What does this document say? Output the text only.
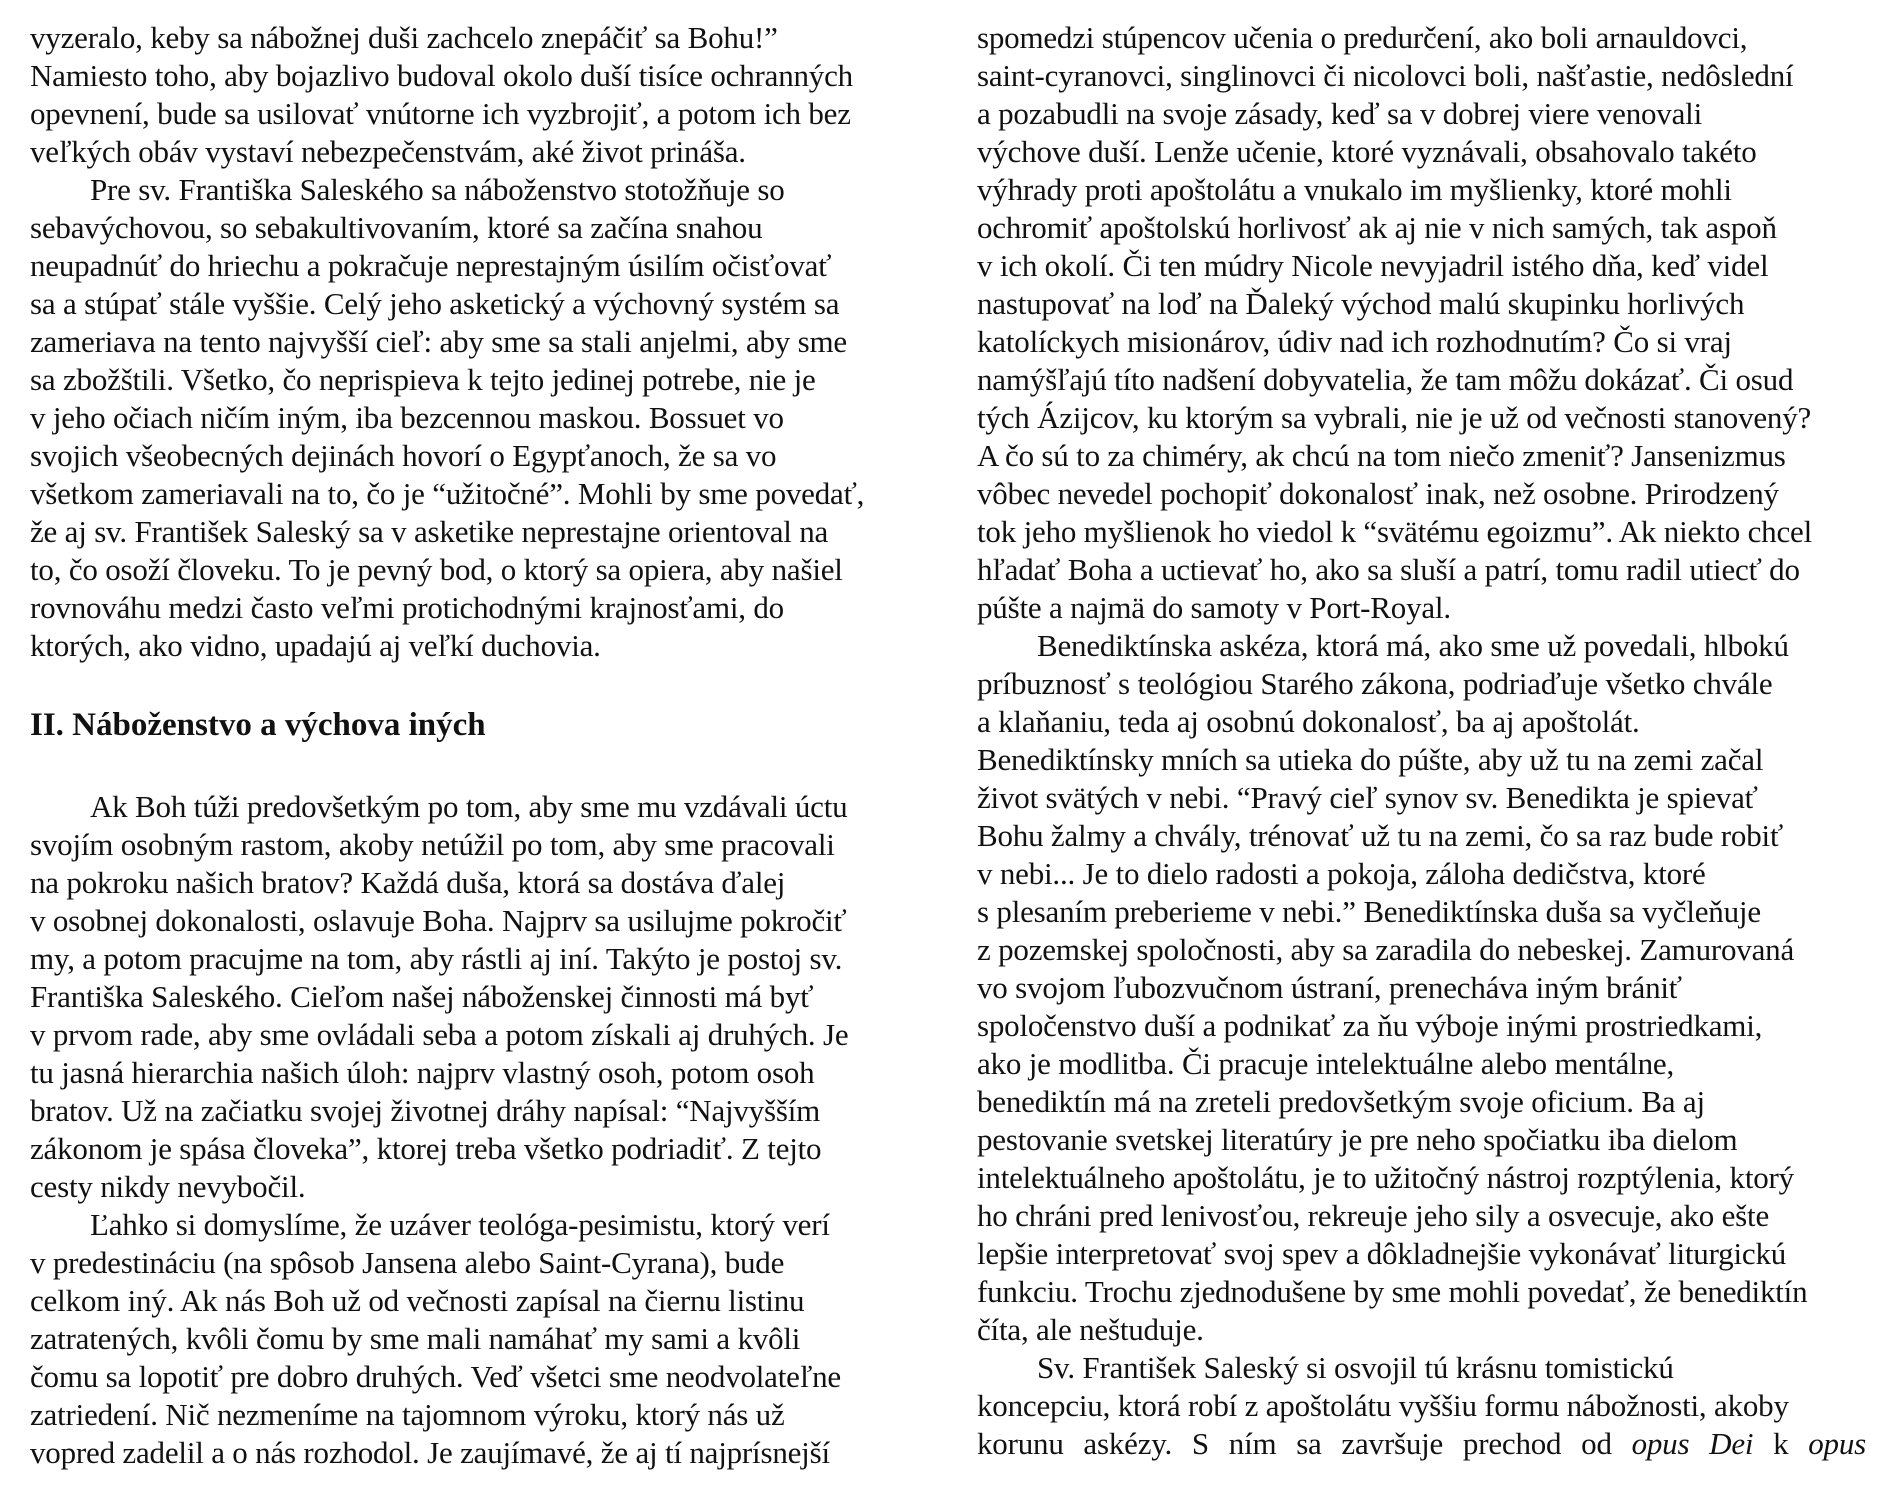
vyzeralo, keby sa nábožnej duši zachcelo znepáčiť sa Bohu!”
Namiesto toho, aby bojazlivo budoval okolo duší tisíce ochranných
opevnení, bude sa usilovať vnútorne ich vyzbrojiť, a potom ich bez
veľkých obáv vystaví nebezpečenstvám, aké život prináša.
Pre sv. Františka Saleského sa náboženstvo stotožňuje so
sebavýchovou, so sebakultivovaním, ktoré sa začína snahou
neupadnúť do hriechu a pokračuje neprestajným úsilím očisťovať
sa a stúpať stále vyššie. Celý jeho asketický a výchovný systém sa
zameriava na tento najvyšší cieľ: aby sme sa stali anjelmi, aby sme
sa zbožštili. Všetko, čo neprispieva k tejto jedinej potrebe, nie je
v jeho očiach ničím iným, iba bezcennou maskou. Bossuet vo
svojich všeobecných dejinách hovorí o Egypťanoch, že sa vo
všetkom zameriavali na to, čo je “užitočné”. Mohli by sme povedať,
že aj sv. František Saleský sa v asketike neprestajne orientoval na
to, čo osoží človeku. To je pevný bod, o ktorý sa opiera, aby našiel
rovnováhu medzi často veľmi protichodnými krajnosťami, do
ktorých, ako vidno, upadajú aj veľkí duchovia.
II. Náboženstvo a výchova iných
Ak Boh túži predovšetkým po tom, aby sme mu vzdávali úctu
svojím osobným rastom, akoby netúžil po tom, aby sme pracovali
na pokroku našich bratov? Každá duša, ktorá sa dostáva ďalej
v osobnej dokonalosti, oslavuje Boha. Najprv sa usilujme pokročiť
my, a potom pracujme na tom, aby rástli aj iní. Takýto je postoj sv.
Františka Saleského. Cieľom našej náboženskej činnosti má byť
v prvom rade, aby sme ovládali seba a potom získali aj druhých. Je
tu jasná hierarchia našich úloh: najprv vlastný osoh, potom osoh
bratov. Už na začiatku svojej životnej dráhy napísal: “Najvyšším
zákonom je spása človeka”, ktorej treba všetko podriadiť. Z tejto
cesty nikdy nevybočil.
Ľahko si domyslíme, že uzáver teológa-pesimistu, ktorý verí
v predestináciu (na spôsob Jansena alebo Saint-Cyrana), bude
celkom iný. Ak nás Boh už od večnosti zapísal na čiernu listinu
zatratených, kvôli čomu by sme mali namáhať my sami a kvôli
čomu sa lopotiť pre dobro druhých. Veď všetci sme neodvolateľne
zatriedení. Nič nezmeníme na tajomnom výroku, ktorý nás už
vopred zadelil a o nás rozhodol. Je zaujímavé, že aj tí najprísnejší
spomedzi stúpencov učenia o predurčení, ako boli arnauldovci,
saint-cyranovci, singlinovci či nicolovci boli, našťastie, nedôslední
a pozabudli na svoje zásady, keď sa v dobrej viere venovali
výchove duší. Lenže učenie, ktoré vyznávali, obsahovalo takéto
výhrady proti apoštolátu a vnukalo im myšlienky, ktoré mohli
ochromiť apoštolskú horlivosť ak aj nie v nich samých, tak aspoň
v ich okolí. Či ten múdry Nicole nevyjadril istého dňa, keď videl
nastupovať na loď na Ďaleký východ malú skupinku horlivých
katolíckych misionárov, údiv nad ich rozhodnutím? Čo si vraj
namýšľajú títo nadšení dobyvatelia, že tam môžu dokázať. Či osud
tých Ázijcov, ku ktorým sa vybrali, nie je už od večnosti stanovený?
A čo sú to za chiméry, ak chcú na tom niečo zmeniť? Jansenizmus
vôbec nevedel pochopiť dokonalosť inak, než osobne. Prirodzený
tok jeho myšlienok ho viedol k “svätému egoizmu”. Ak niekto chcel
hľadať Boha a uctievať ho, ako sa sluší a patrí, tomu radil utiecť do
púšte a najmä do samoty v Port-Royal.
Benediktínska askéza, ktorá má, ako sme už povedali, hlbokú
príbuznosť s teológiou Starého zákona, podriaďuje všetko chvále
a klaňaniu, teda aj osobnú dokonalosť, ba aj apoštolát.
Benediktínsky mních sa utieka do púšte, aby už tu na zemi začal
život svätých v nebi. “Pravý cieľ synov sv. Benedikta je spievať
Bohu žalmy a chvály, trénovať už tu na zemi, čo sa raz bude robiť
v nebi... Je to dielo radosti a pokoja, záloha dedičstva, ktoré
s plesaním preberieme v nebi.” Benediktínska duša sa vyčleňuje
z pozemskej spoločnosti, aby sa zaradila do nebeskej. Zamurovaná
vo svojom ľubozvučnom ústraní, prenecháva iným brániť
spoločenstvo duší a podnikať za ňu výboje inými prostriedkami,
ako je modlitba. Či pracuje intelektuálne alebo mentálne,
benediktín má na zreteli predovšetkým svoje oficium. Ba aj
pestovanie svetskej literatúry je pre neho spočiatku iba dielom
intelektuálneho apoštolátu, je to užitočný nástroj rozptýlenia, ktorý
ho chráni pred lenivosťou, rekreuje jeho sily a osvecuje, ako ešte
lepšie interpretovať svoj spev a dôkladnejšie vykonávať liturgickú
funkciu. Trochu zjednodušene by sme mohli povedať, že benediktín
číta, ale neštuduje.
Sv. František Saleský si osvojil tú krásnu tomistickú
koncepciu, ktorá robí z apoštolátu vyššiu formu nábožnosti, akoby
korunu askézy. S ním sa završuje prechod od opus Dei k opus
